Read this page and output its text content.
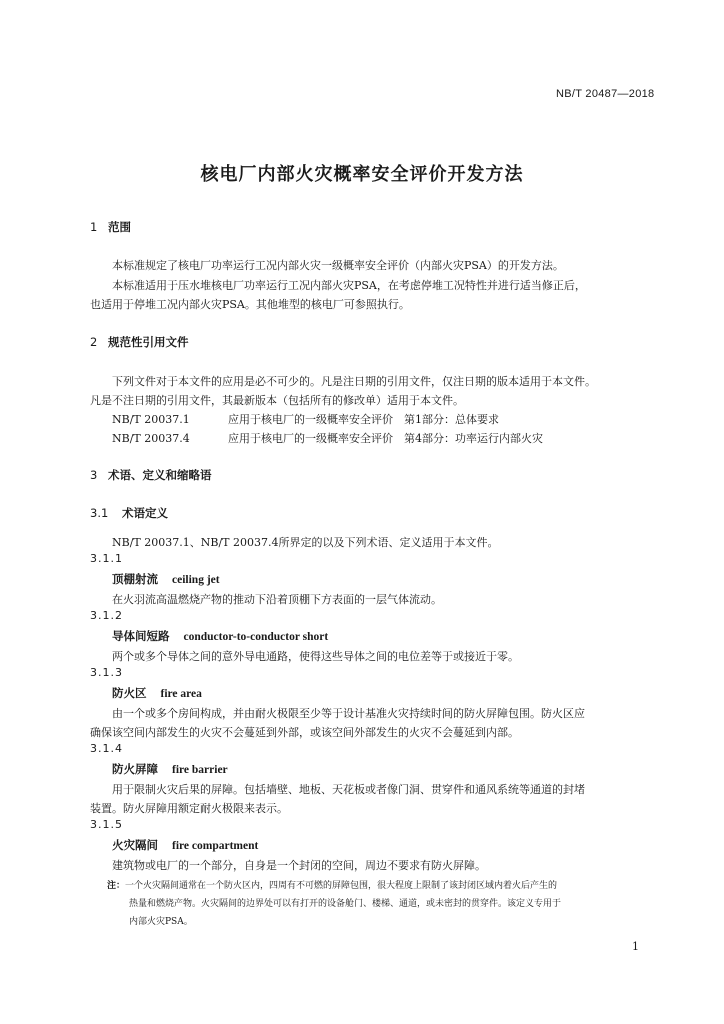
NB/T 20487—2018
核电厂内部火灾概率安全评价开发方法
1 范围
本标准规定了核电厂功率运行工况内部火灾一级概率安全评价（内部火灾PSA）的开发方法。
本标准适用于压水堆核电厂功率运行工况内部火灾PSA，在考虑停堆工况特性并进行适当修正后，
也适用于停堆工况内部火灾PSA。其他堆型的核电厂可参照执行。
2 规范性引用文件
下列文件对于本文件的应用是必不可少的。凡是注日期的引用文件，仅注日期的版本适用于本文件。
凡是不注日期的引用文件，其最新版本（包括所有的修改单）适用于本文件。
NB/T 20037.1	应用于核电厂的一级概率安全评价　第1部分：总体要求
NB/T 20037.4	应用于核电厂的一级概率安全评价　第4部分：功率运行内部火灾
3 术语、定义和缩略语
3.1 术语定义
NB/T 20037.1、NB/T 20037.4所界定的以及下列术语、定义适用于本文件。
3.1.1
顶棚射流 ceiling jet
在火羽流高温燃烧产物的推动下沿着顶棚下方表面的一层气体流动。
3.1.2
导体间短路 conductor-to-conductor short
两个或多个导体之间的意外导电通路，使得这些导体之间的电位差等于或接近于零。
3.1.3
防火区 fire area
由一个或多个房间构成，并由耐火极限至少等于设计基准火灾持续时间的防火屏障包围。防火区应
确保该空间内部发生的火灾不会蔓延到外部，或该空间外部发生的火灾不会蔓延到内部。
3.1.4
防火屏障 fire barrier
用于限制火灾后果的屏障。包括墙壁、地板、天花板或者像门洞、贯穿件和通风系统等通道的封堵
装置。防火屏障用额定耐火极限来表示。
3.1.5
火灾隔间 fire compartment
建筑物或电厂的一个部分，自身是一个封闭的空间，周边不要求有防火屏障。
注：一个火灾隔间通常在一个防火区内，四周有不可燃的屏障包围，很大程度上限制了该封闭区域内着火后产生的
热量和燃烧产物。火灾隔间的边界处可以有打开的设备舱门、楼梯、通道，或未密封的贯穿件。该定义专用于
内部火灾PSA。
1
